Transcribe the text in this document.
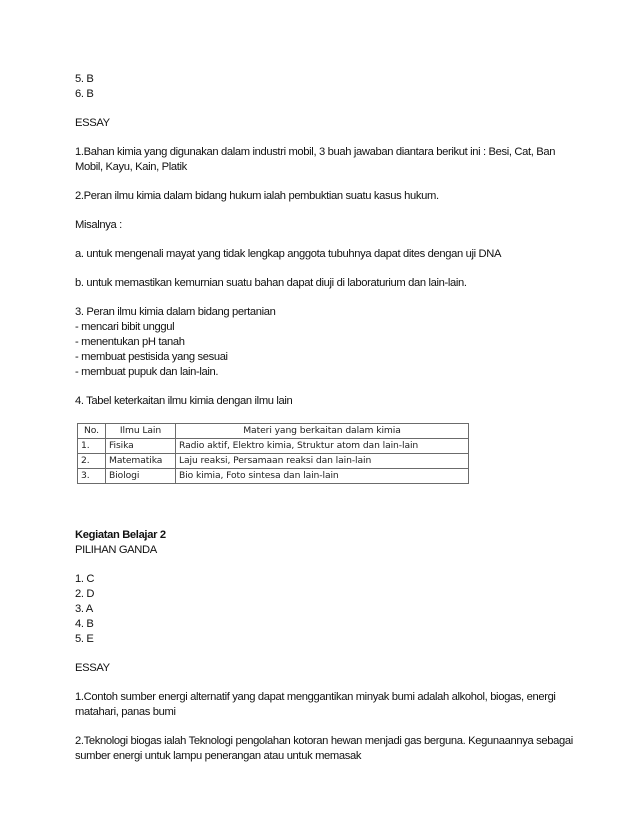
5. B

6. B

ESSAY

1.Bahan kimia yang digunakan dalam industri mobil, 3 buah jawaban diantara berikut ini : Besi, Cat, Ban Mobil, Kayu, Kain, Platik

2.Peran ilmu kimia dalam bidang hukum ialah pembuktian suatu kasus hukum.

Misalnya :

a. untuk mengenali mayat yang tidak lengkap anggota tubuhnya dapat dites dengan uji DNA

b. untuk memastikan kemurnian suatu bahan dapat diuji di laboraturium dan lain-lain.

3. Peran ilmu kimia dalam bidang pertanian

- mencari bibit unggul

- menentukan pH tanah

- membuat pestisida yang sesuai

- membuat pupuk dan lain-lain.

4. Tabel keterkaitan ilmu kimia dengan ilmu lain

No.	Ilmu Lain	Materi yang berkaitan dalam kimia
1.	Fisika	Radio aktif, Elektro kimia, Struktur atom dan lain-lain
2.	Matematika	Laju reaksi, Persamaan reaksi dan lain-lain
3.	Biologi	Bio kimia, Foto sintesa dan lain-lain

Kegiatan Belajar 2

PILIHAN GANDA

1. C

2. D

3. A

4. B

5. E

ESSAY

1.Contoh sumber energi alternatif yang dapat menggantikan minyak bumi adalah alkohol, biogas, energi matahari, panas bumi

2.Teknologi biogas ialah Teknologi pengolahan kotoran hewan menjadi gas berguna. Kegunaannya sebagai sumber energi untuk lampu penerangan atau untuk memasak
